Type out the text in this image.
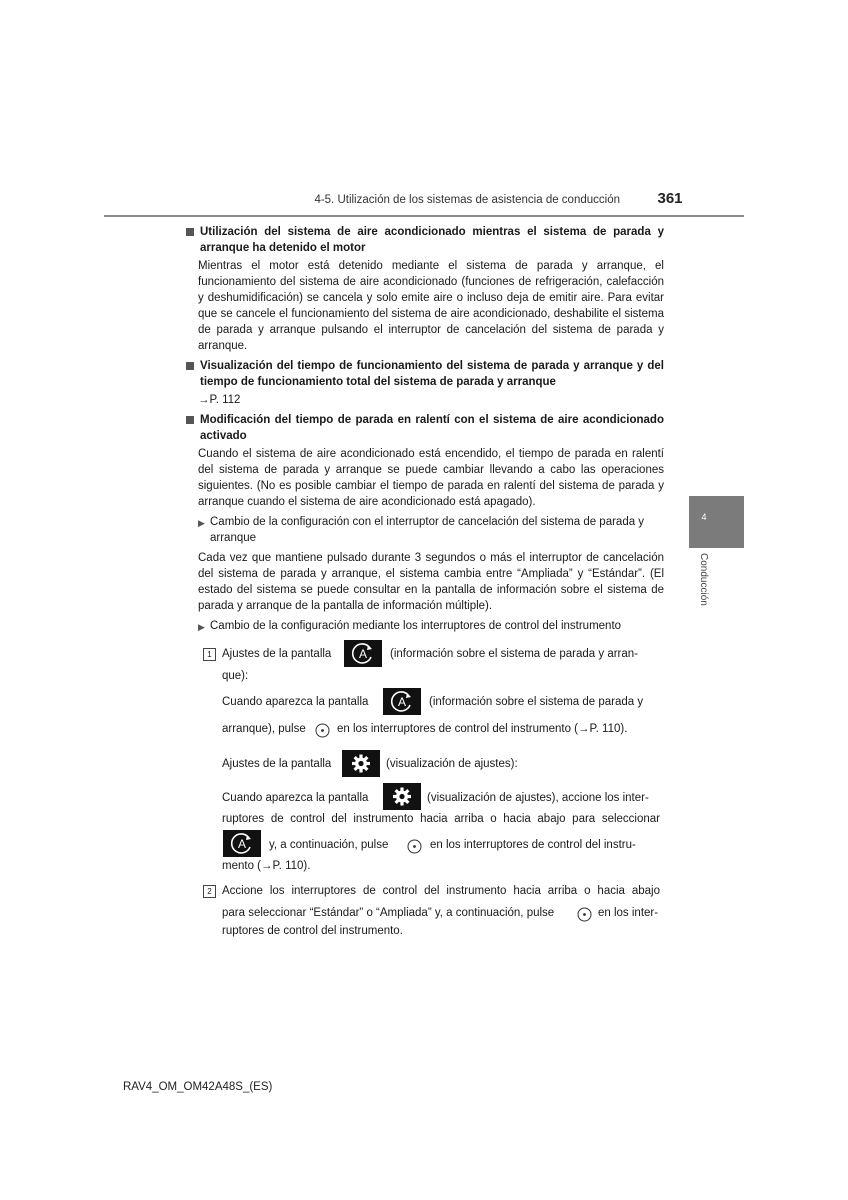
4-5. Utilización de los sistemas de asistencia de conducción	361
Utilización del sistema de aire acondicionado mientras el sistema de parada y arranque ha detenido el motor
Mientras el motor está detenido mediante el sistema de parada y arranque, el funcionamiento del sistema de aire acondicionado (funciones de refrigeración, calefacción y deshumidificación) se cancela y solo emite aire o incluso deja de emitir aire. Para evitar que se cancele el funcionamiento del sistema de aire acondicionado, deshabilite el sistema de parada y arranque pulsando el interruptor de cancelación del sistema de parada y arranque.
Visualización del tiempo de funcionamiento del sistema de parada y arranque y del tiempo de funcionamiento total del sistema de parada y arranque
→P. 112
Modificación del tiempo de parada en ralentí con el sistema de aire acondicionado activado
Cuando el sistema de aire acondicionado está encendido, el tiempo de parada en ralentí del sistema de parada y arranque se puede cambiar llevando a cabo las operaciones siguientes. (No es posible cambiar el tiempo de parada en ralentí del sistema de parada y arranque cuando el sistema de aire acondicionado está apagado).
▶ Cambio de la configuración con el interruptor de cancelación del sistema de parada y arranque
Cada vez que mantiene pulsado durante 3 segundos o más el interruptor de cancelación del sistema de parada y arranque, el sistema cambia entre “Ampliada” y “Estándar”. (El estado del sistema se puede consultar en la pantalla de información sobre el sistema de parada y arranque de la pantalla de información múltiple).
▶ Cambio de la configuración mediante los interruptores de control del instrumento
1 Ajustes de la pantalla	A (información sobre el sistema de parada y arran-
que):
Cuando aparezca la pantalla	A (información sobre el sistema de parada y
arranque), pulse	en los interruptores de control del instrumento (→P. 110).
Ajustes de la pantalla	(visualización de ajustes):
Cuando aparezca la pantalla	(visualización de ajustes), accione los inter-
ruptores de control del instrumento hacia arriba o hacia abajo para seleccionar
A y, a continuación, pulse	en los interruptores de control del instru-
mento (→P. 110).
2 Accione los interruptores de control del instrumento hacia arriba o hacia abajo
para seleccionar “Estándar” o “Ampliada” y, a continuación, pulse	en los inter-
ruptores de control del instrumento.
4
Conducción
RAV4_OM_OM42A48S_(ES)
